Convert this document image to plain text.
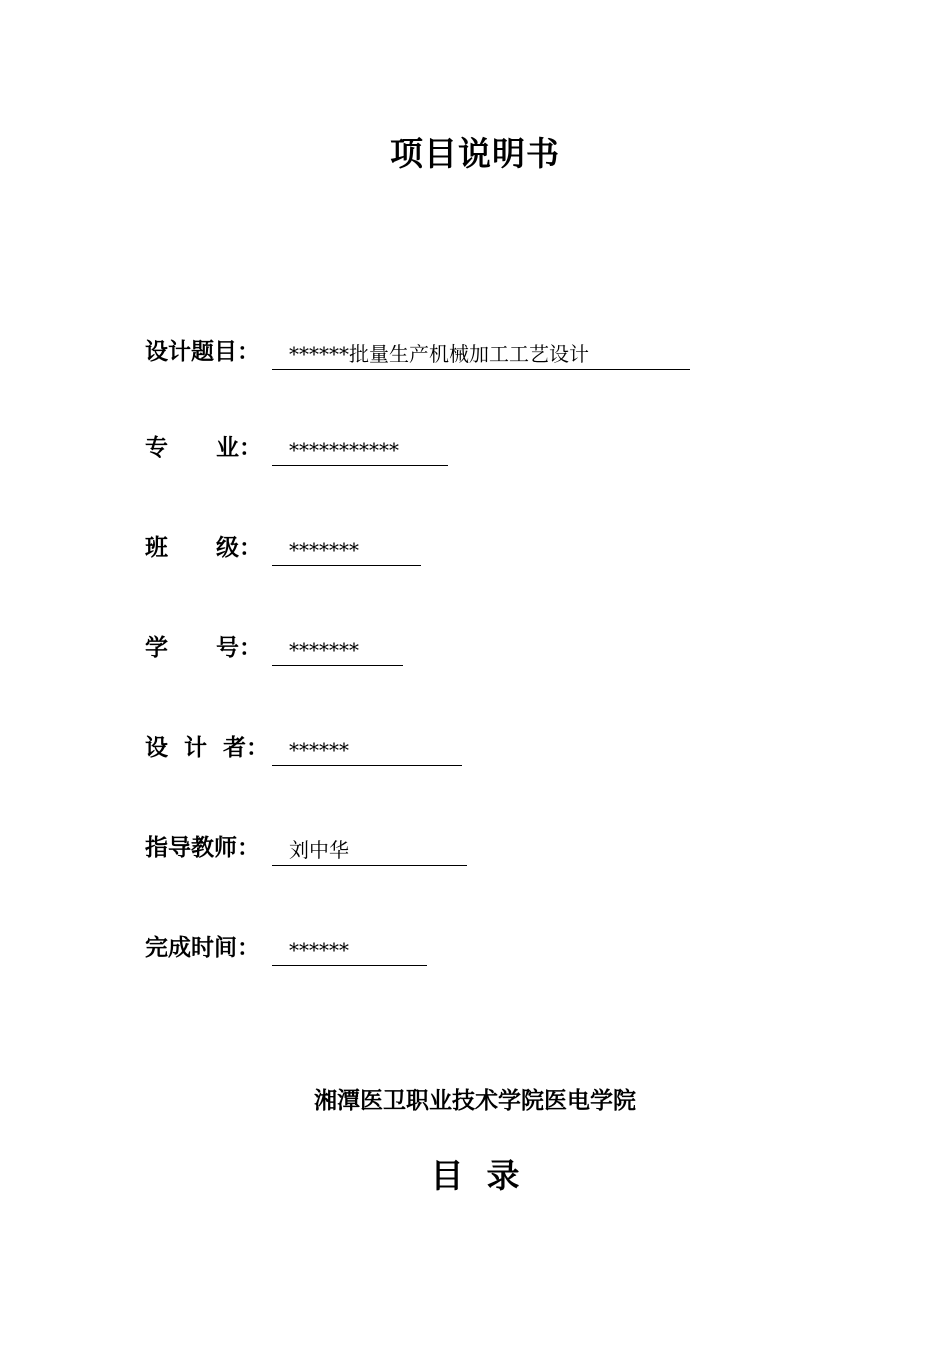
项目说明书
设计题目： ******批量生产机械加工工艺设计
专      业： ***********
班      级： *******
学      号： *******
设  计  者： ******
指导教师： 刘中华
完成时间： ******
湘潭医卫职业技术学院医电学院
目  录
